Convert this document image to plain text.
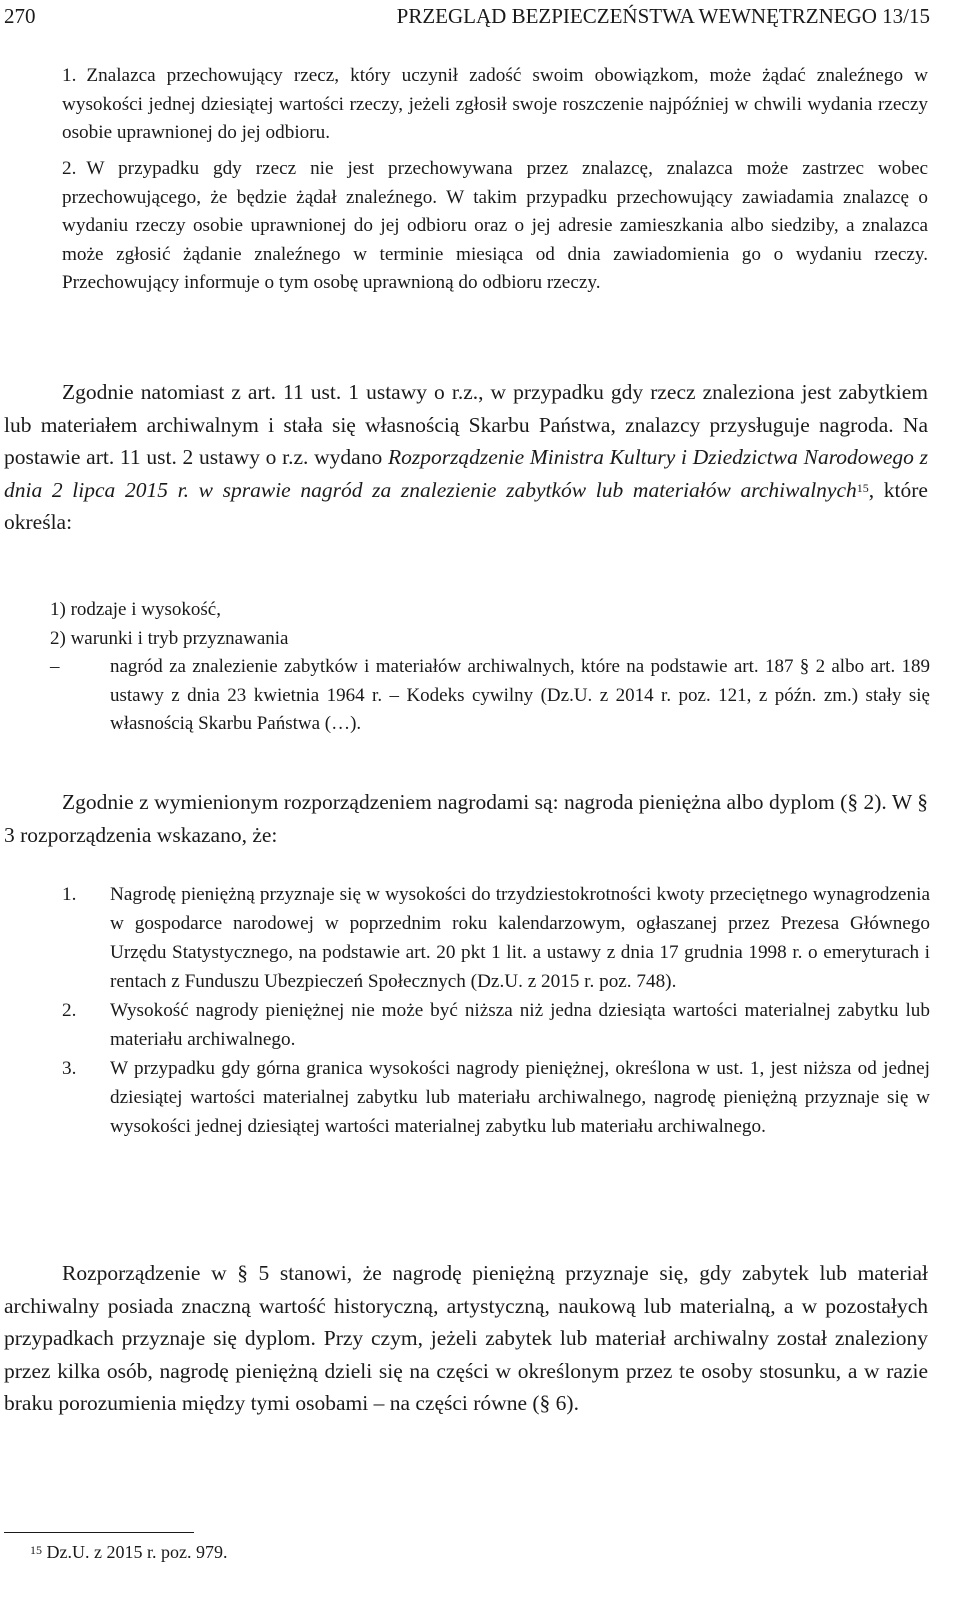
270	PRZEGLĄD BEZPIECZEŃSTWA WEWNĘTRZNEGO 13/15
1. Znalazca przechowujący rzecz, który uczynił zadość swoim obowiązkom, może żądać znaleźnego w wysokości jednej dziesiątej wartości rzeczy, jeżeli zgłosił swoje roszczenie najpóźniej w chwili wydania rzeczy osobie uprawnionej do jej odbioru.
2. W przypadku gdy rzecz nie jest przechowywana przez znalazcę, znalazca może zastrzec wobec przechowującego, że będzie żądał znaleźnego. W takim przypadku przechowujący zawiadamia znalazcę o wydaniu rzeczy osobie uprawnionej do jej odbioru oraz o jej adresie zamieszkania albo siedziby, a znalazca może zgłosić żądanie znaleźnego w terminie miesiąca od dnia zawiadomienia go o wydaniu rzeczy. Przechowujący informuje o tym osobę uprawnioną do odbioru rzeczy.
Zgodnie natomiast z art. 11 ust. 1 ustawy o r.z., w przypadku gdy rzecz znaleziona jest zabytkiem lub materiałem archiwalnym i stała się własnością Skarbu Państwa, znalazcy przysługuje nagroda. Na postawie art. 11 ust. 2 ustawy o r.z. wydano Rozporządzenie Ministra Kultury i Dziedzictwa Narodowego z dnia 2 lipca 2015 r. w sprawie nagród za znalezienie zabytków lub materiałów archiwalnych$^{15}$, które określa:
1) rodzaje i wysokość,
2) warunki i tryb przyznawania
–	nagród za znalezienie zabytków i materiałów archiwalnych, które na podstawie art. 187 § 2 albo art. 189 ustawy z dnia 23 kwietnia 1964 r. – Kodeks cywilny (Dz.U. z 2014 r. poz. 121, z późn. zm.) stały się własnością Skarbu Państwa (…).
Zgodnie z wymienionym rozporządzeniem nagrodami są: nagroda pieniężna albo dyplom (§ 2). W § 3 rozporządzenia wskazano, że:
1. Nagrodę pieniężną przyznaje się w wysokości do trzydziestokrotności kwoty przeciętnego wynagrodzenia w gospodarce narodowej w poprzednim roku kalendarzowym, ogłaszanej przez Prezesa Głównego Urzędu Statystycznego, na podstawie art. 20 pkt 1 lit. a ustawy z dnia 17 grudnia 1998 r. o emeryturach i rentach z Funduszu Ubezpieczeń Społecznych (Dz.U. z 2015 r. poz. 748).
2. Wysokość nagrody pieniężnej nie może być niższa niż jedna dziesiąta wartości materialnej zabytku lub materiału archiwalnego.
3. W przypadku gdy górna granica wysokości nagrody pieniężnej, określona w ust. 1, jest niższa od jednej dziesiątej wartości materialnej zabytku lub materiału archiwalnego, nagrodę pieniężną przyznaje się w wysokości jednej dziesiątej wartości materialnej zabytku lub materiału archiwalnego.
Rozporządzenie w § 5 stanowi, że nagrodę pieniężną przyznaje się, gdy zabytek lub materiał archiwalny posiada znaczną wartość historyczną, artystyczną, naukową lub materialną, a w pozostałych przypadkach przyznaje się dyplom. Przy czym, jeżeli zabytek lub materiał archiwalny został znaleziony przez kilka osób, nagrodę pieniężną dzieli się na części w określonym przez te osoby stosunku, a w razie braku porozumienia między tymi osobami – na części równe (§ 6).
$^{15}$ Dz.U. z 2015 r. poz. 979.
